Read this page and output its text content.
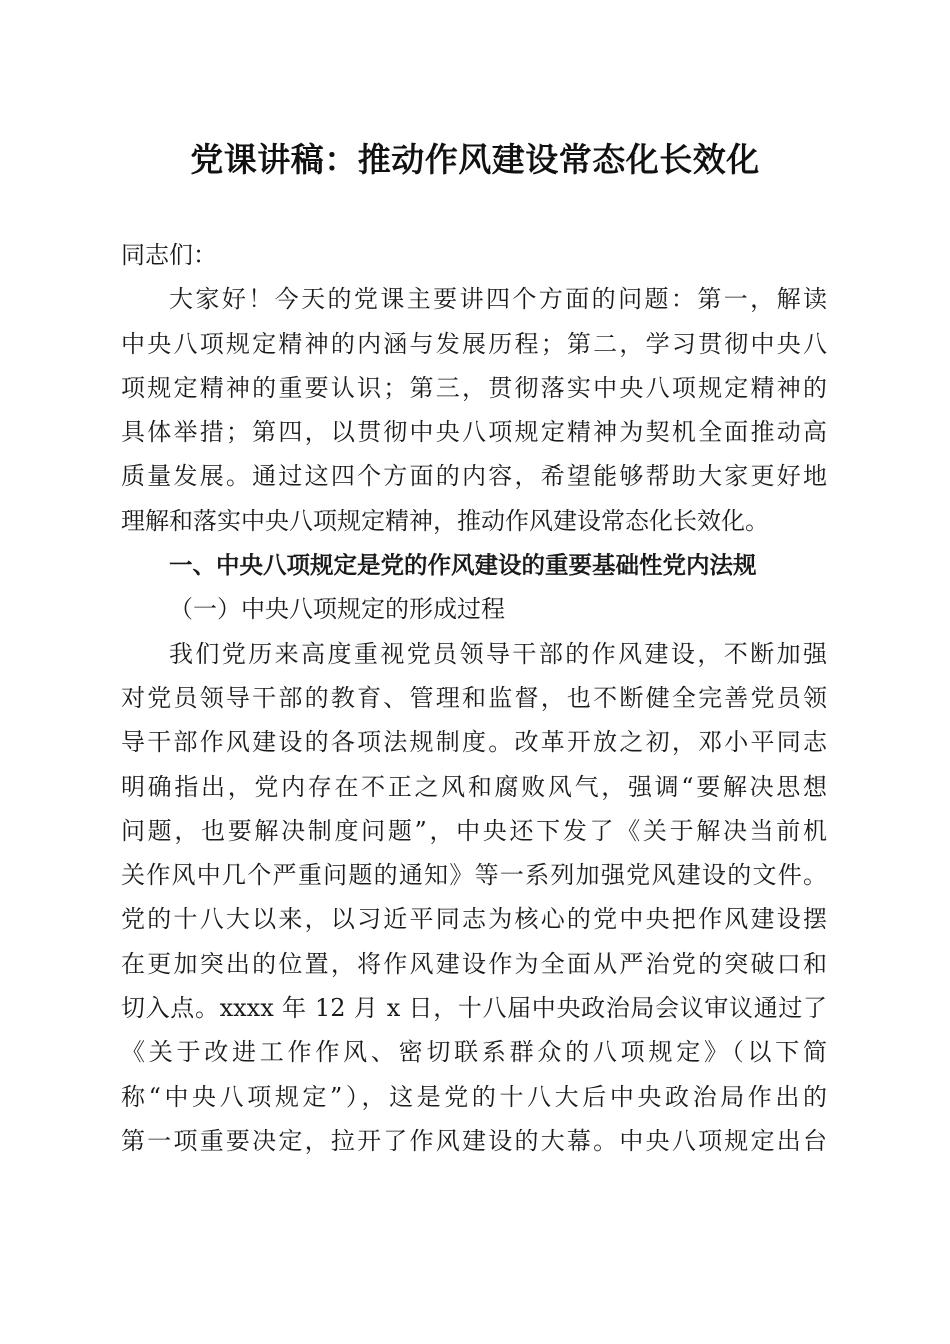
党课讲稿：推动作风建设常态化长效化
同志们：
大家好！今天的党课主要讲四个方面的问题：第一，解读
中央八项规定精神的内涵与发展历程；第二，学习贯彻中央八
项规定精神的重要认识；第三，贯彻落实中央八项规定精神的
具体举措；第四，以贯彻中央八项规定精神为契机全面推动高
质量发展。通过这四个方面的内容，希望能够帮助大家更好地
理解和落实中央八项规定精神，推动作风建设常态化长效化。
一、中央八项规定是党的作风建设的重要基础性党内法规
（一）中央八项规定的形成过程
我们党历来高度重视党员领导干部的作风建设，不断加强
对党员领导干部的教育、管理和监督，也不断健全完善党员领
导干部作风建设的各项法规制度。改革开放之初，邓小平同志
明确指出，党内存在不正之风和腐败风气，强调“要解决思想
问题，也要解决制度问题”，中央还下发了《关于解决当前机
关作风中几个严重问题的通知》等一系列加强党风建设的文件。
党的十八大以来，以习近平同志为核心的党中央把作风建设摆
在更加突出的位置，将作风建设作为全面从严治党的突破口和
切入点。xxxx 年 12 月 x 日，十八届中央政治局会议审议通过了
《关于改进工作作风、密切联系群众的八项规定》（以下简
称“中央八项规定”），这是党的十八大后中央政治局作出的
第一项重要决定，拉开了作风建设的大幕。中央八项规定出台
